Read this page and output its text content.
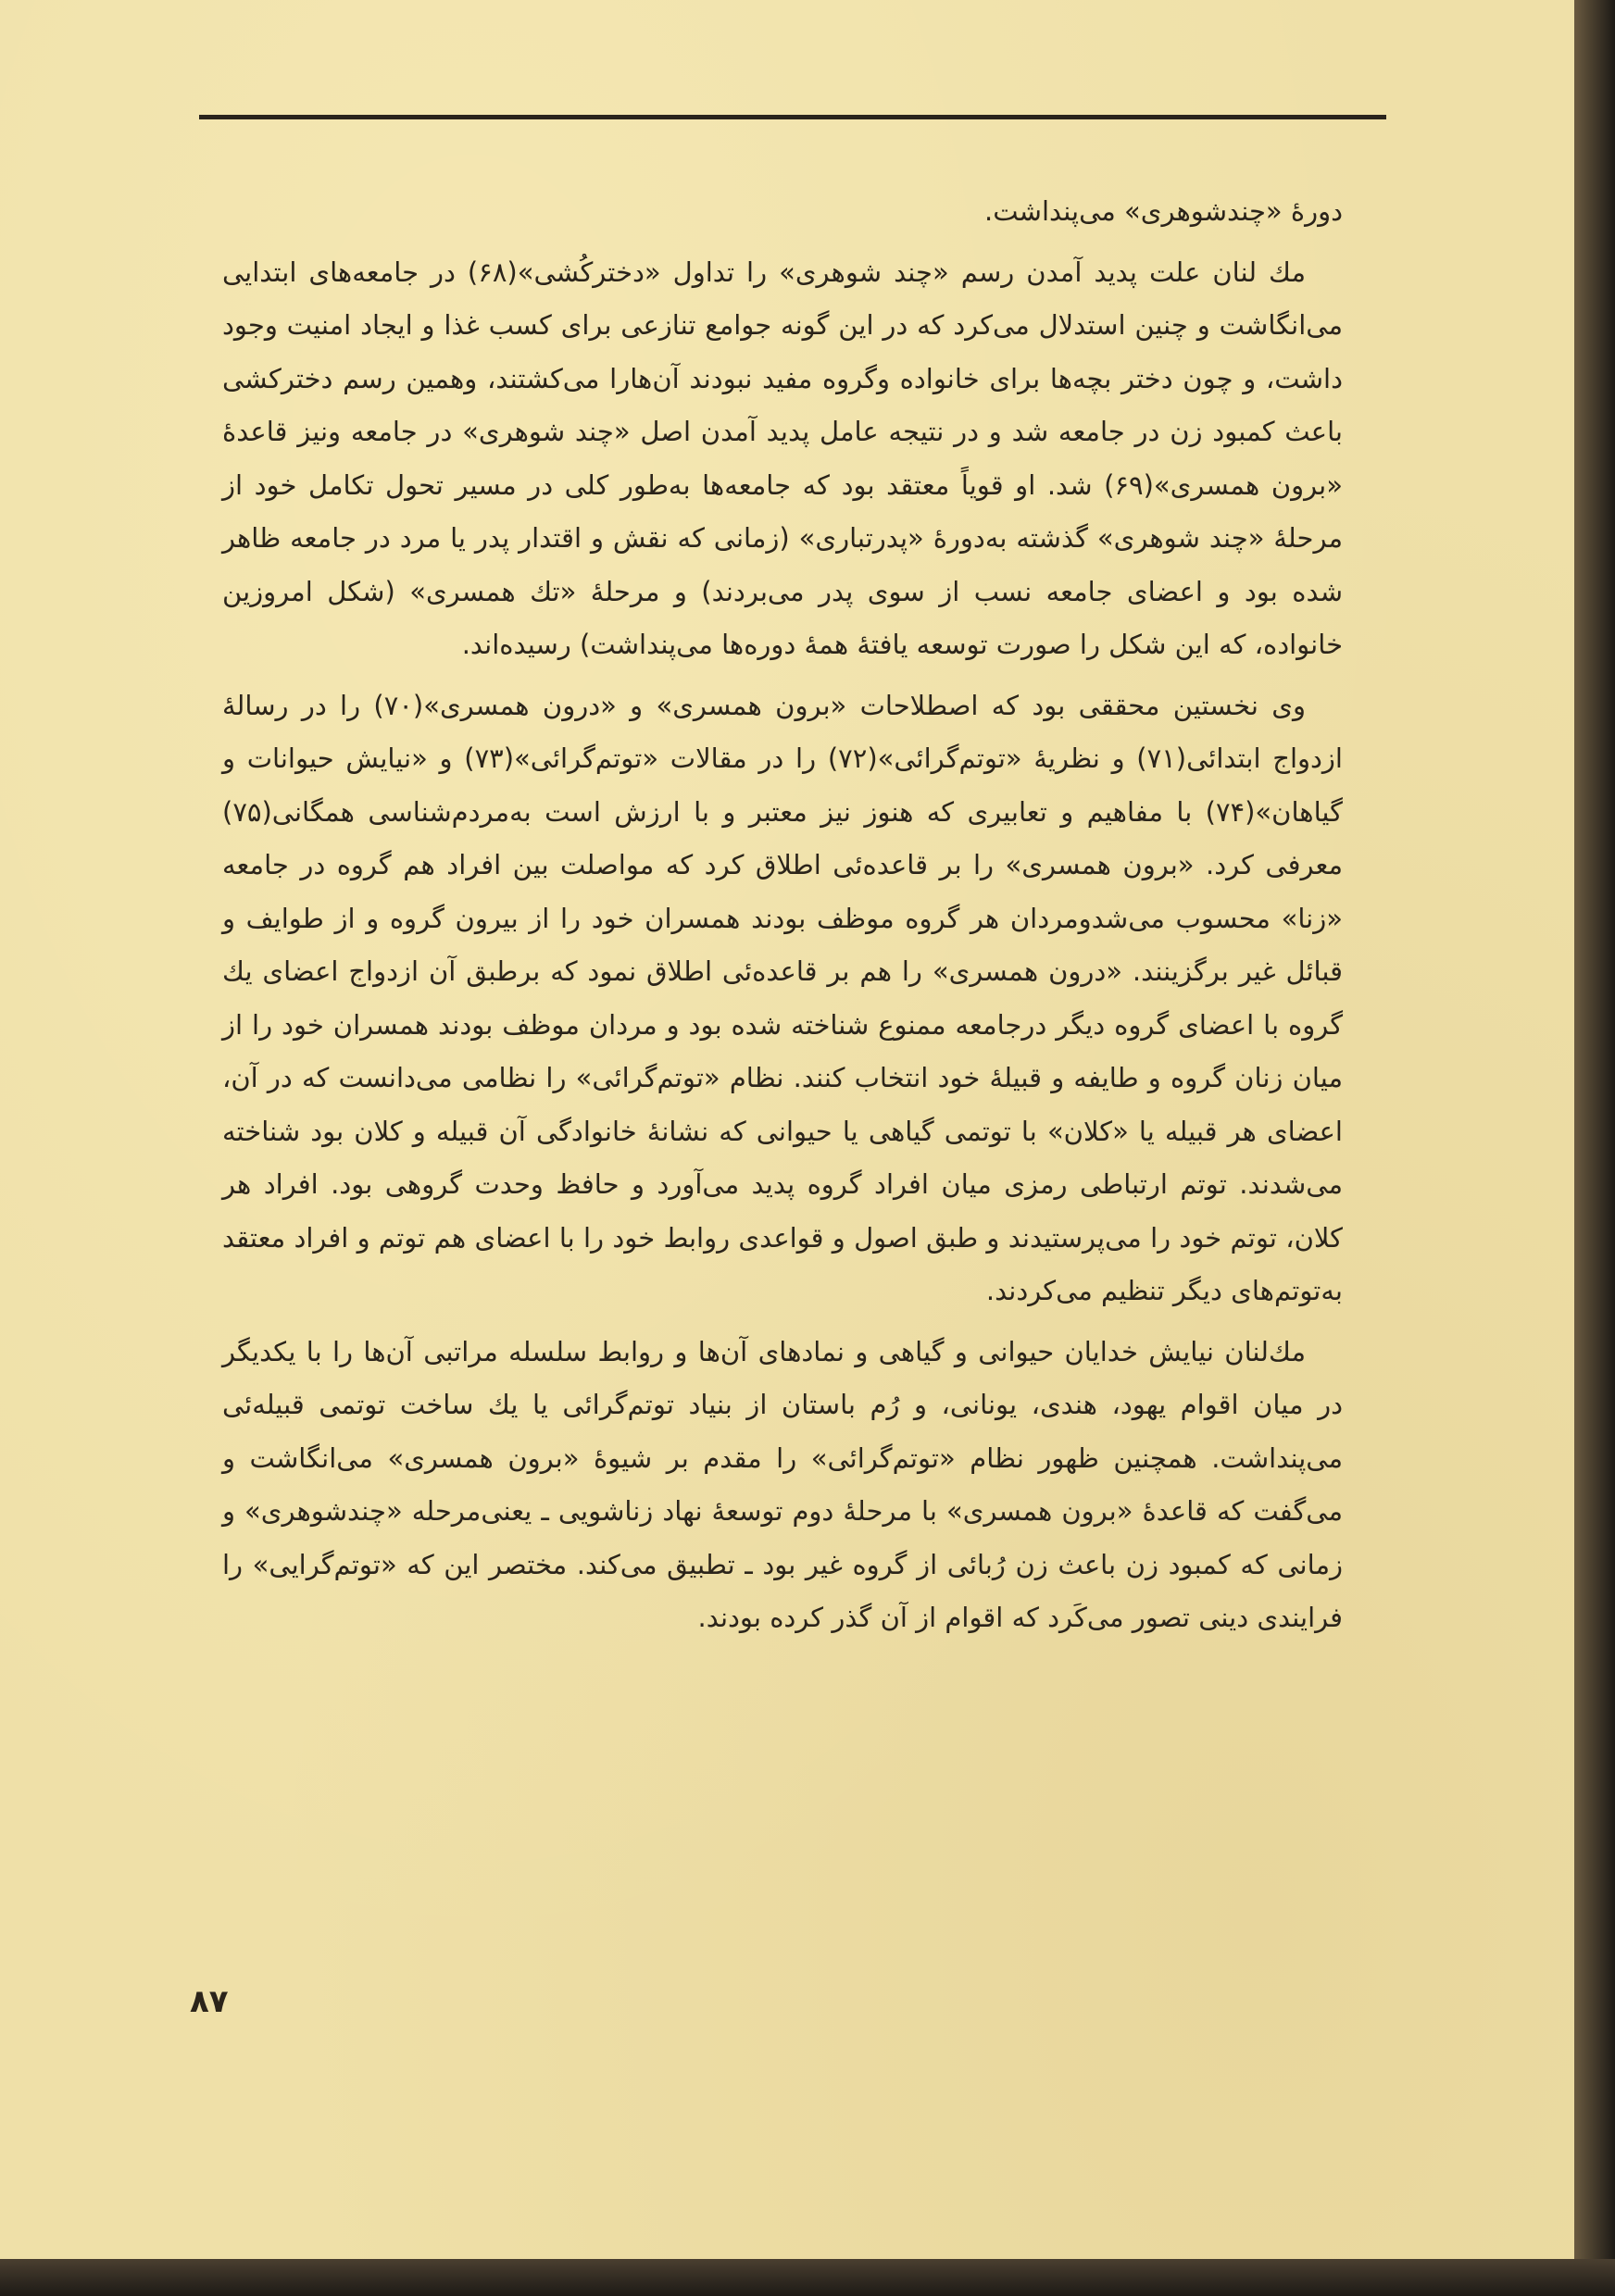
دورهٔ «چندشوهری» می‌پنداشت.

مك لنان علت پدید آمدن رسم «چند شوهری» را تداول «دخترکُشی»(۶۸) در جامعه‌های ابتدایی می‌انگاشت و چنین استدلال می‌کرد که در این گونه جوامع تنازعی برای کسب غذا و ایجاد امنیت وجود داشت، و چون دختر بچه‌ها برای خانواده وگروه مفید نبودند آن‌هارا می‌کشتند، وهمین رسم دخترکشی باعث کمبود زن در جامعه شد و در نتیجه عامل پدید آمدن اصل «چند شوهری» در جامعه ونیز قاعدهٔ «برون همسری»(۶۹) شد. او قویاً معتقد بود که جامعه‌ها به‌طور کلی در مسیر تحول تکامل خود از مرحلهٔ «چند شوهری» گذشته به‌دورهٔ «پدرتباری» (زمانی که نقش و اقتدار پدر یا مرد در جامعه ظاهر شده بود و اعضای جامعه نسب از سوی پدر می‌بردند) و مرحلهٔ «تك همسری» (شکل امروزین خانواده، که این شکل را صورت توسعه یافتهٔ همهٔ دوره‌ها می‌پنداشت) رسیده‌اند.

وی نخستین محققی بود که اصطلاحات «برون همسری» و «درون همسری»(۷۰) را در رسالهٔ ازدواج ابتدائی(۷۱) و نظریهٔ «توتم‌گرائی»(۷۲) را در مقالات «توتم‌گرائی»(۷۳) و «نیایش حیوانات و گیاهان»(۷۴) با مفاهیم و تعابیری که هنوز نیز معتبر و با ارزش است به‌مردم‌شناسی همگانی(۷۵) معرفی کرد. «برون همسری» را بر قاعده‌ئی اطلاق کرد که مواصلت بین افراد هم گروه در جامعه «زنا» محسوب می‌شدومردان هر گروه موظف بودند همسران خود را از بیرون گروه و از طوایف و قبائل غیر برگزینند. «درون همسری» را هم بر قاعده‌ئی اطلاق نمود که برطبق آن ازدواج اعضای یك گروه با اعضای گروه دیگر درجامعه ممنوع شناخته شده بود و مردان موظف بودند همسران خود را از میان زنان گروه و طایفه و قبیلهٔ خود انتخاب کنند. نظام «توتم‌گرائی» را نظامی می‌دانست که در آن، اعضای هر قبیله یا «کلان» با توتمی گیاهی یا حیوانی که نشانهٔ خانوادگی آن قبیله و کلان بود شناخته می‌شدند. توتم ارتباطی رمزی میان افراد گروه پدید می‌آورد و حافظ وحدت گروهی بود. افراد هر کلان، توتم خود را می‌پرستیدند و طبق اصول و قواعدی روابط خود را با اعضای هم توتم و افراد معتقد به‌توتم‌های دیگر تنظیم می‌کردند.

مك‌لنان نیایش خدایان حیوانی و گیاهی و نمادهای آن‌ها و روابط سلسله مراتبی آن‌ها را با یکدیگر در میان اقوام یهود، هندی، یونانی، و رُم باستان از بنیاد توتم‌گرائی یا یك ساخت توتمی قبیله‌ئی می‌پنداشت. همچنین ظهور نظام «توتم‌گرائی» را مقدم بر شیوهٔ «برون همسری» می‌انگاشت و می‌گفت که قاعدهٔ «برون همسری» با مرحلهٔ دوم توسعهٔ نهاد زناشویی ـ یعنی‌مرحله «چندشوهری» و زمانی که کمبود زن باعث زن رُبائی از گروه غیر بود ـ تطبیق می‌کند. مختصر این که «توتم‌گرایی» را فرایندی دینی تصور می‌کَرد که اقوام از آن گذر کرده بودند.

۸۷
